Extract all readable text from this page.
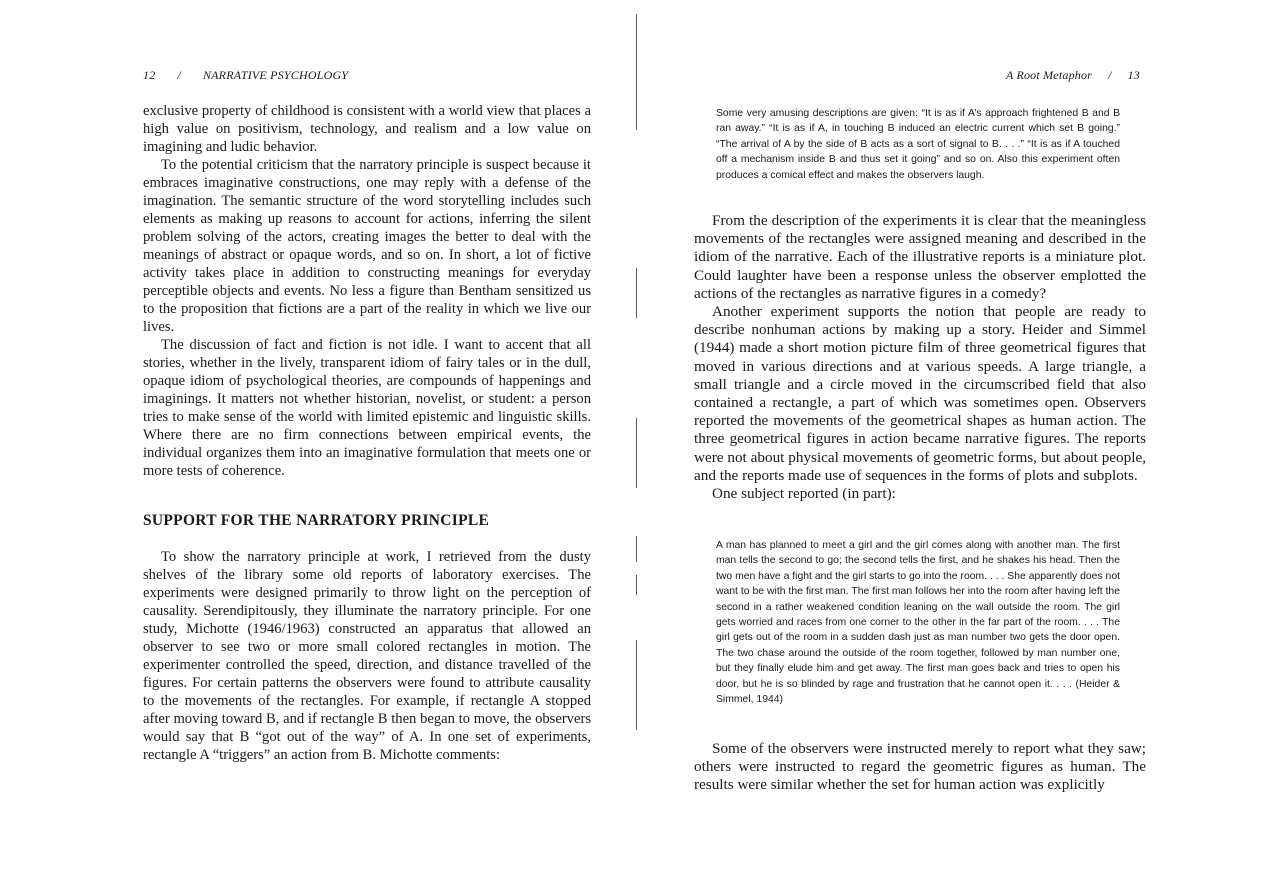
12 / NARRATIVE PSYCHOLOGY

exclusive property of childhood is consistent with a world view that places a high value on positivism, technology, and realism and a low value on imagining and ludic behavior.

To the potential criticism that the narratory principle is suspect because it embraces imaginative constructions, one may reply with a defense of the imagination. The semantic structure of the word storytelling includes such elements as making up reasons to account for actions, inferring the silent problem solving of the actors, creating images the better to deal with the meanings of abstract or opaque words, and so on. In short, a lot of fictive activity takes place in addition to constructing meanings for everyday perceptible objects and events. No less a figure than Bentham sensitized us to the proposition that fictions are a part of the reality in which we live our lives.

The discussion of fact and fiction is not idle. I want to accent that all stories, whether in the lively, transparent idiom of fairy tales or in the dull, opaque idiom of psychological theories, are compounds of happenings and imaginings. It matters not whether historian, novelist, or student: a person tries to make sense of the world with limited epistemic and linguistic skills. Where there are no firm connections between empirical events, the individual organizes them into an imaginative formulation that meets one or more tests of coherence.

SUPPORT FOR THE NARRATORY PRINCIPLE

To show the narratory principle at work, I retrieved from the dusty shelves of the library some old reports of laboratory exercises. The experiments were designed primarily to throw light on the perception of causality. Serendipitously, they illuminate the narratory principle. For one study, Michotte (1946/1963) constructed an apparatus that allowed an observer to see two or more small colored rectangles in motion. The experimenter controlled the speed, direction, and distance travelled of the figures. For certain patterns the observers were found to attribute causality to the movements of the rectangles. For example, if rectangle A stopped after moving toward B, and if rectangle B then began to move, the observers would say that B “got out of the way” of A. In one set of experiments, rectangle A “triggers” an action from B. Michotte comments:

A Root Metaphor / 13

Some very amusing descriptions are given: “It is as if A’s approach frightened B and B ran away.” “It is as if A, in touching B induced an electric current which set B going.” “The arrival of A by the side of B acts as a sort of signal to B. . . .” “It is as if A touched off a mechanism inside B and thus set it going” and so on. Also this experiment often produces a comical effect and makes the observers laugh.

From the description of the experiments it is clear that the meaningless movements of the rectangles were assigned meaning and described in the idiom of the narrative. Each of the illustrative reports is a miniature plot. Could laughter have been a response unless the observer emplotted the actions of the rectangles as narrative figures in a comedy?

Another experiment supports the notion that people are ready to describe nonhuman actions by making up a story. Heider and Simmel (1944) made a short motion picture film of three geometrical figures that moved in various directions and at various speeds. A large triangle, a small triangle and a circle moved in the circumscribed field that also contained a rectangle, a part of which was sometimes open. Observers reported the movements of the geometrical shapes as human action. The three geometrical figures in action became narrative figures. The reports were not about physical movements of geometric forms, but about people, and the reports made use of sequences in the forms of plots and subplots.

One subject reported (in part):

A man has planned to meet a girl and the girl comes along with another man. The first man tells the second to go; the second tells the first, and he shakes his head. Then the two men have a fight and the girl starts to go into the room. . . . She apparently does not want to be with the first man. The first man follows her into the room after having left the second in a rather weakened condition leaning on the wall outside the room. The girl gets worried and races from one corner to the other in the far part of the room. . . . The girl gets out of the room in a sudden dash just as man number two gets the door open. The two chase around the outside of the room together, followed by man number one, but they finally elude him and get away. The first man goes back and tries to open his door, but he is so blinded by rage and frustration that he cannot open it. . . . (Heider & Simmel, 1944)

Some of the observers were instructed merely to report what they saw; others were instructed to regard the geometric figures as human. The results were similar whether the set for human action was explicitly
